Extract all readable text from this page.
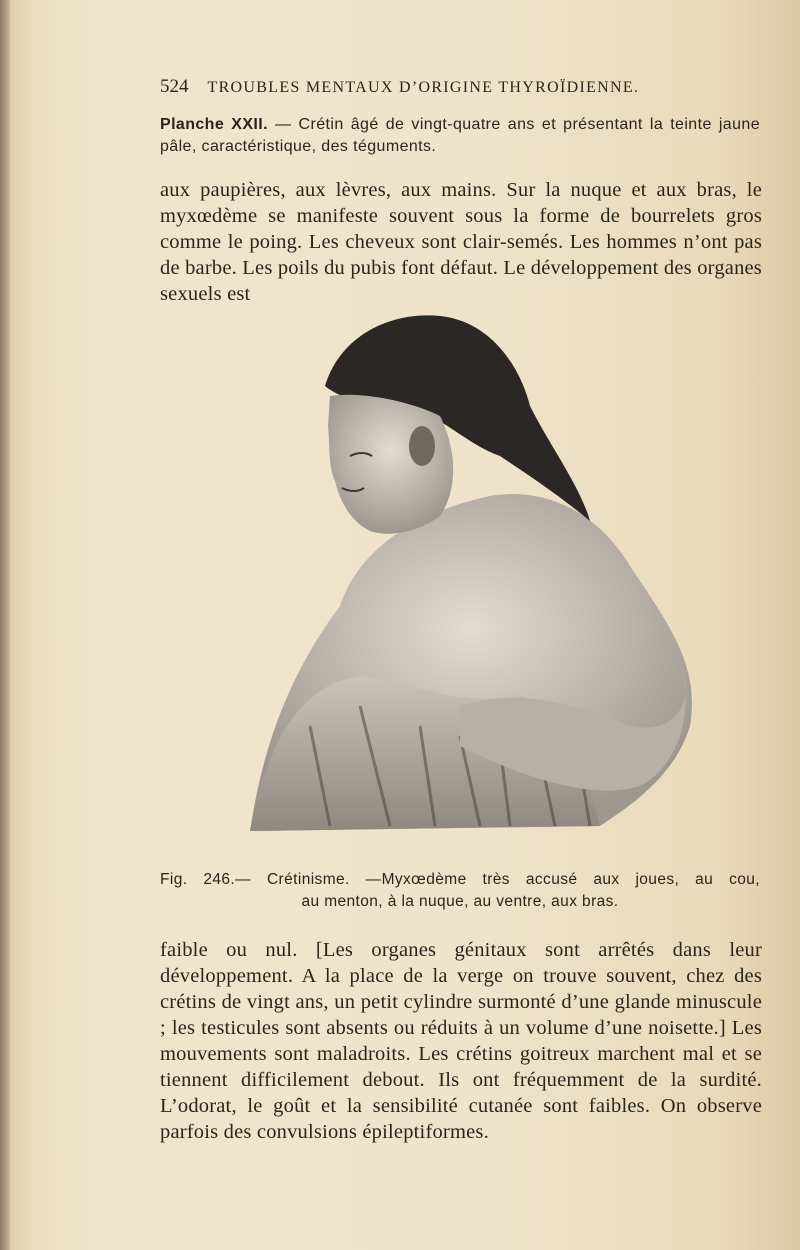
524 TROUBLES MENTAUX D’ORIGINE THYROÏDIENNE.
Planche XXII. — Crétin âgé de vingt-quatre ans et présentant la teinte jaune pâle, caractéristique, des téguments.
aux paupières, aux lèvres, aux mains. Sur la nuque et aux bras, le myxœdème se manifeste souvent sous la forme de bourrelets gros comme le poing. Les cheveux sont clair-semés. Les hommes n’ont pas de barbe. Les poils du pubis font défaut. Le développement des organes sexuels est
Fig. 246.— Crétinisme. —Myxœdème très accusé aux joues, au cou,
au menton, à la nuque, au ventre, aux bras.
faible ou nul. [Les organes génitaux sont arrêtés dans leur développement. A la place de la verge on trouve souvent, chez des crétins de vingt ans, un petit cylindre surmonté d’une glande minuscule ; les testicules sont absents ou réduits à un volume d’une noisette.] Les mouvements sont maladroits. Les crétins goitreux marchent mal et se tiennent difficilement debout. Ils ont fréquemment de la surdité. L’odorat, le goût et la sensibilité cutanée sont faibles. On observe parfois des convulsions épileptiformes.
